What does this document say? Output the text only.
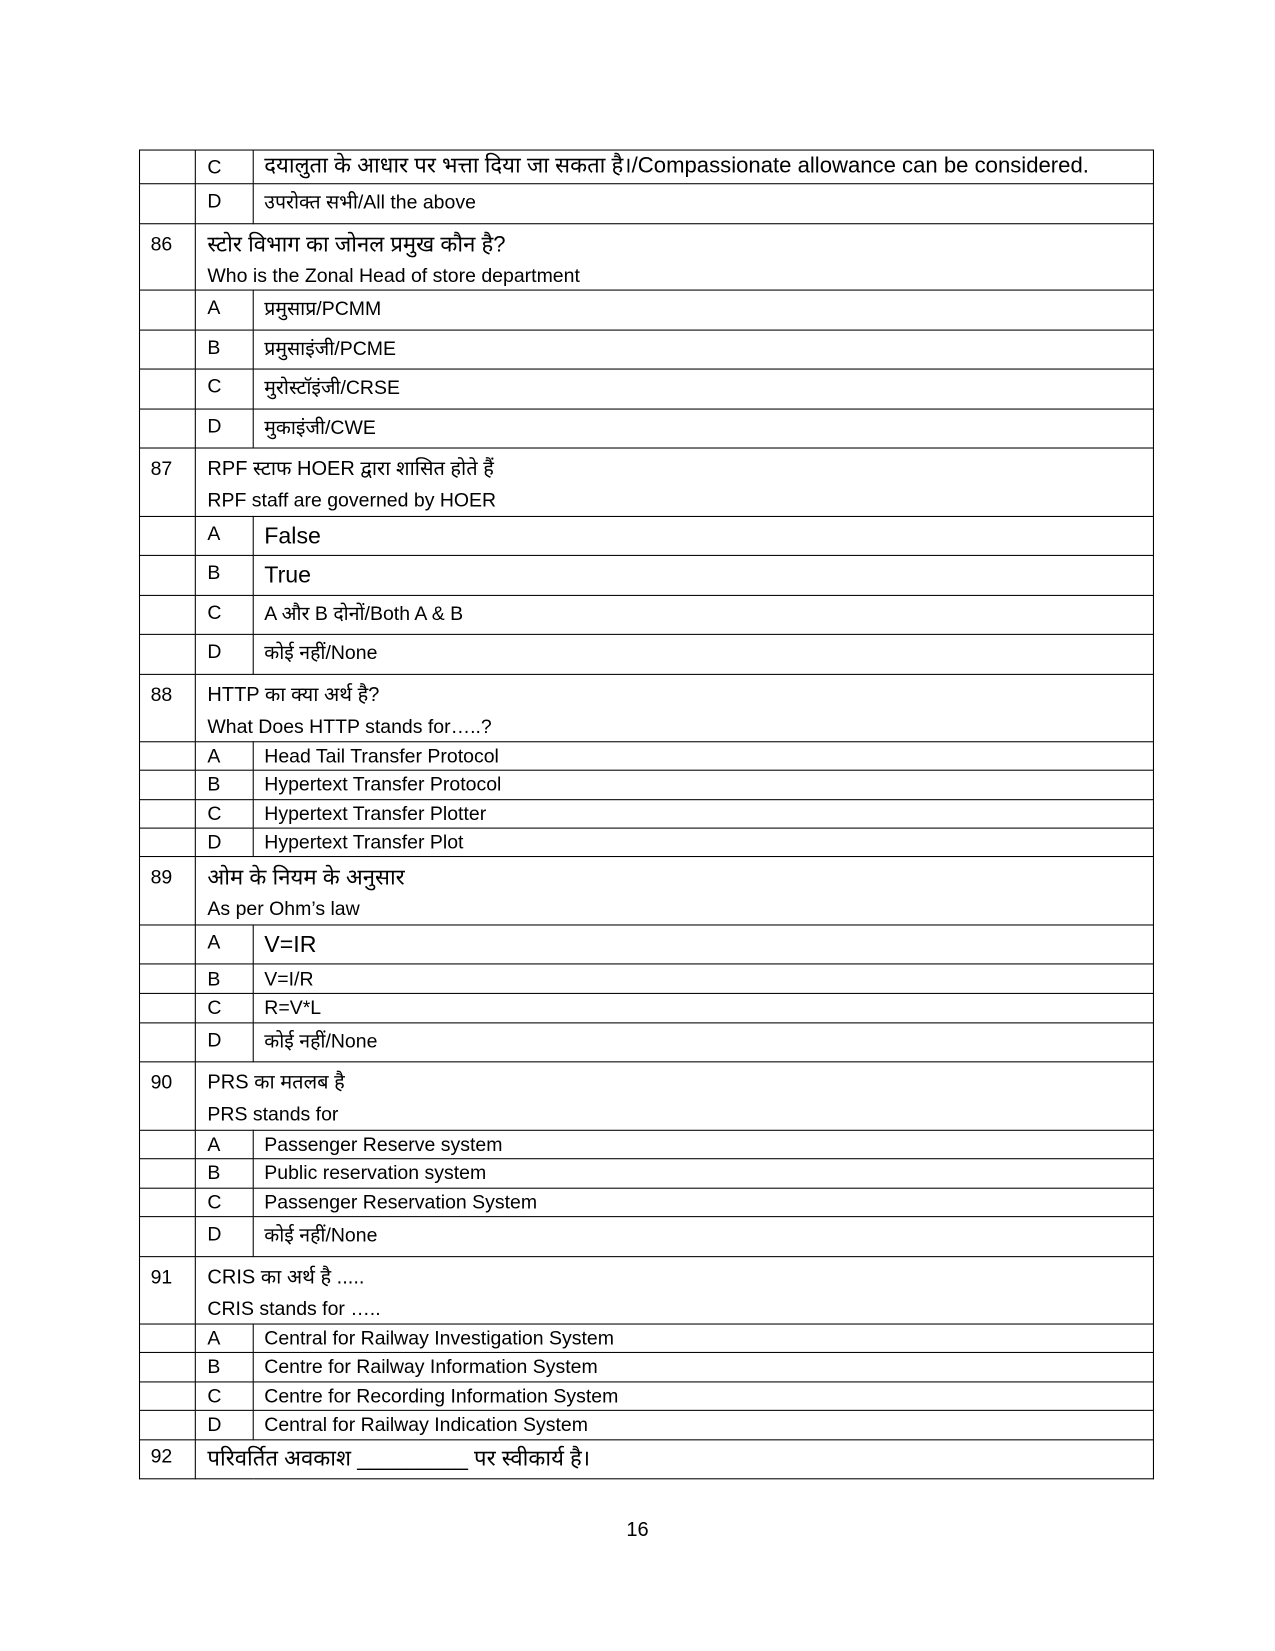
	C	दयालुता के आधार पर भत्ता दिया जा सकता है।/Compassionate allowance can be considered.
	D	उपरोक्त सभी/All the above
86	स्टोर विभाग का जोनल प्रमुख कौन है?
Who is the Zonal Head of store department	

	A	प्रमुसाप्र/PCMM
	B	प्रमुसाइंजी/PCME
	C	मुरोस्टॉइंजी/CRSE
	D	मुकाइंजी/CWE
87	RPF स्टाफ HOER द्वारा शासित होते हैं
RPF staff are governed by HOER	

	A	False
	B	True
	C	A और B दोनों/Both A & B
	D	कोई नहीं/None
88	HTTP का क्या अर्थ है?
What Does HTTP stands for…..?	

	A	Head Tail Transfer Protocol
	B	Hypertext Transfer Protocol
	C	Hypertext Transfer Plotter
	D	Hypertext Transfer Plot
89	ओम के नियम के अनुसार
As per Ohm’s law	

	A	V=IR
	B	V=I/R
	C	R=V*L
	D	कोई नहीं/None
90	PRS का मतलब है
PRS stands for	

	A	Passenger Reserve system
	B	Public reservation system
	C	Passenger Reservation System
	D	कोई नहीं/None
91	CRIS का अर्थ है .....
CRIS stands for …..	

	A	Central for Railway Investigation System
	B	Centre for Railway Information System
	C	Centre for Recording Information System
	D	Central for Railway Indication System
92	परिवर्तित अवकाश _________ पर स्वीकार्य है।	
16
